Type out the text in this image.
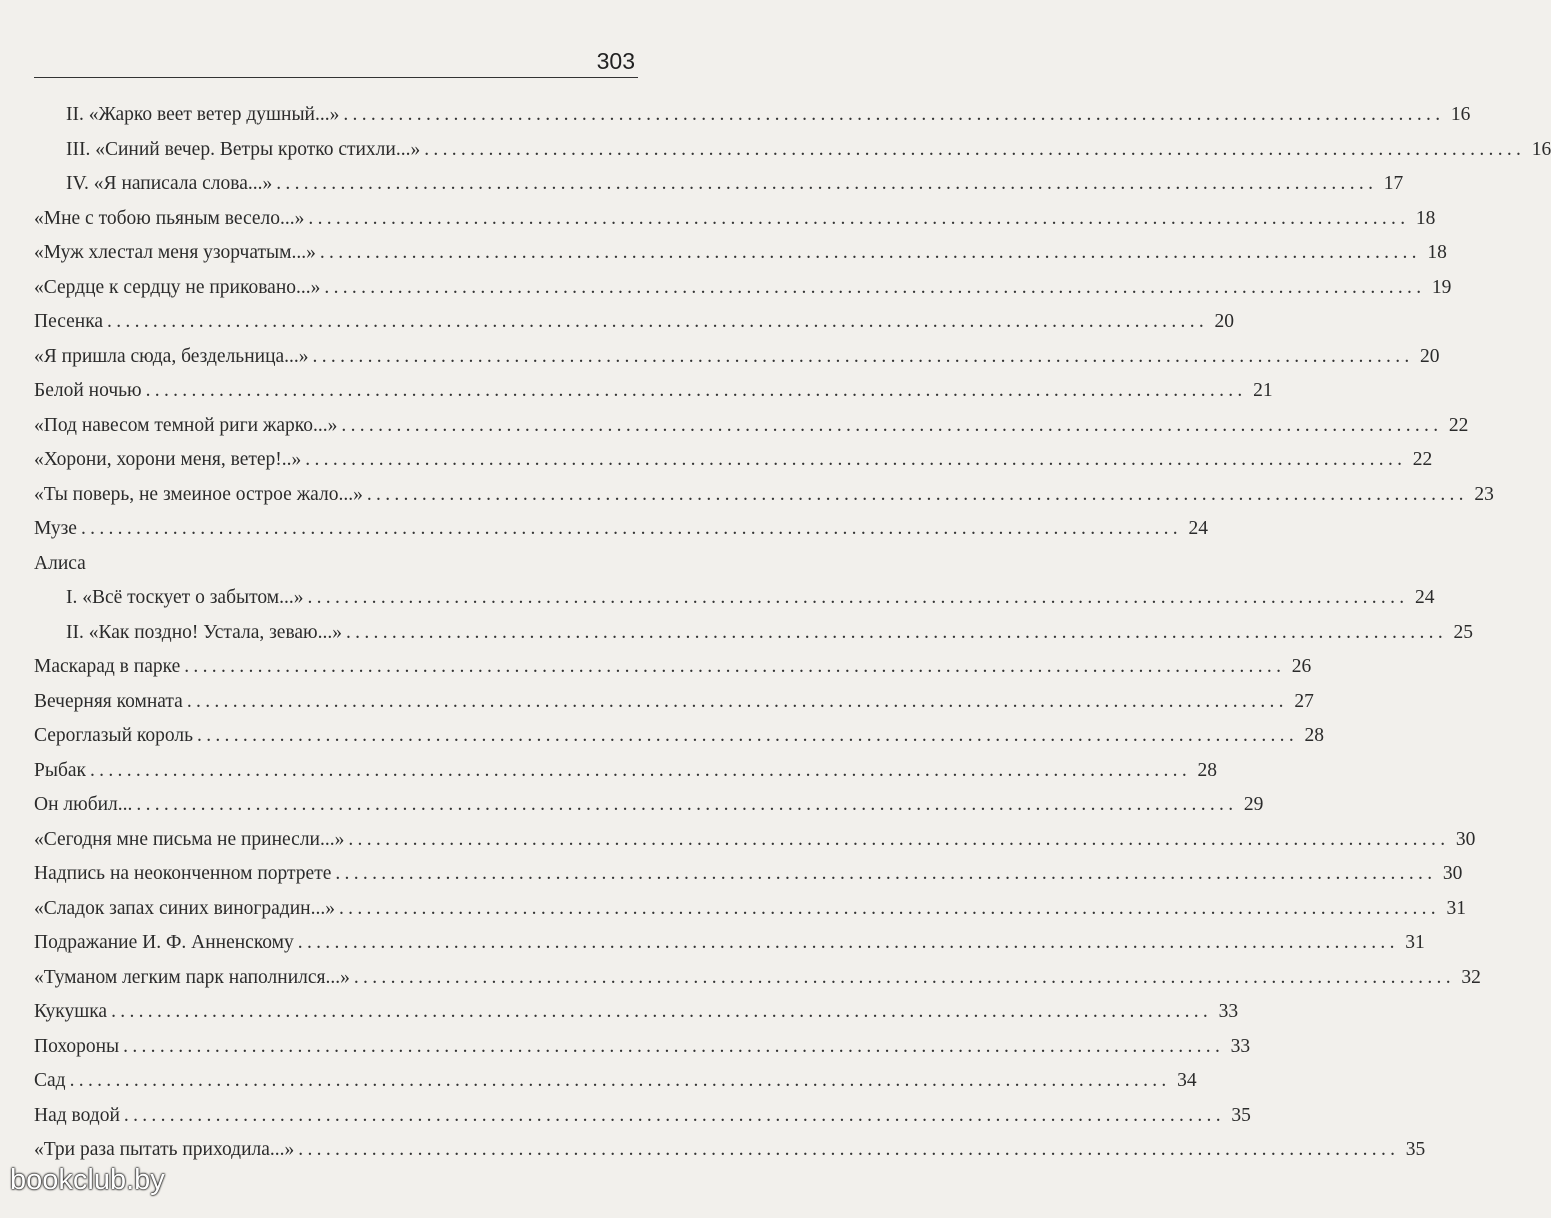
303
II. «Жарко веет ветер душный...» ........................................................................................................................ 16
III. «Синий вечер. Ветры кротко стихли...» ........................................................................................................................ 16
IV. «Я написала слова...» ........................................................................................................................ 17
«Мне с тобою пьяным весело...» ........................................................................................................................ 18
«Муж хлестал меня узорчатым...» ........................................................................................................................ 18
«Сердце к сердцу не приковано...» ........................................................................................................................ 19
Песенка ........................................................................................................................ 20
«Я пришла сюда, бездельница...» ........................................................................................................................ 20
Белой ночью ........................................................................................................................ 21
«Под навесом темной риги жарко...» ........................................................................................................................ 22
«Хорони, хорони меня, ветер!..» ........................................................................................................................ 22
«Ты поверь, не змеиное острое жало...» ........................................................................................................................ 23
Музе ........................................................................................................................ 24
Алиса
I. «Всё тоскует о забытом...» ........................................................................................................................ 24
II. «Как поздно! Устала, зеваю...» ........................................................................................................................ 25
Маскарад в парке ........................................................................................................................ 26
Вечерняя комната ........................................................................................................................ 27
Сероглазый король ........................................................................................................................ 28
Рыбак ........................................................................................................................ 28
Он любил... ........................................................................................................................ 29
«Сегодня мне письма не принесли...» ........................................................................................................................ 30
Надпись на неоконченном портрете ........................................................................................................................ 30
«Сладок запах синих виноградин...» ........................................................................................................................ 31
Подражание И. Ф. Анненскому ........................................................................................................................ 31
«Туманом легким парк наполнился...» ........................................................................................................................ 32
Кукушка ........................................................................................................................ 33
Похороны ........................................................................................................................ 33
Сад ........................................................................................................................ 34
Над водой ........................................................................................................................ 35
«Три раза пытать приходила...» ........................................................................................................................ 35
bookclub.by
